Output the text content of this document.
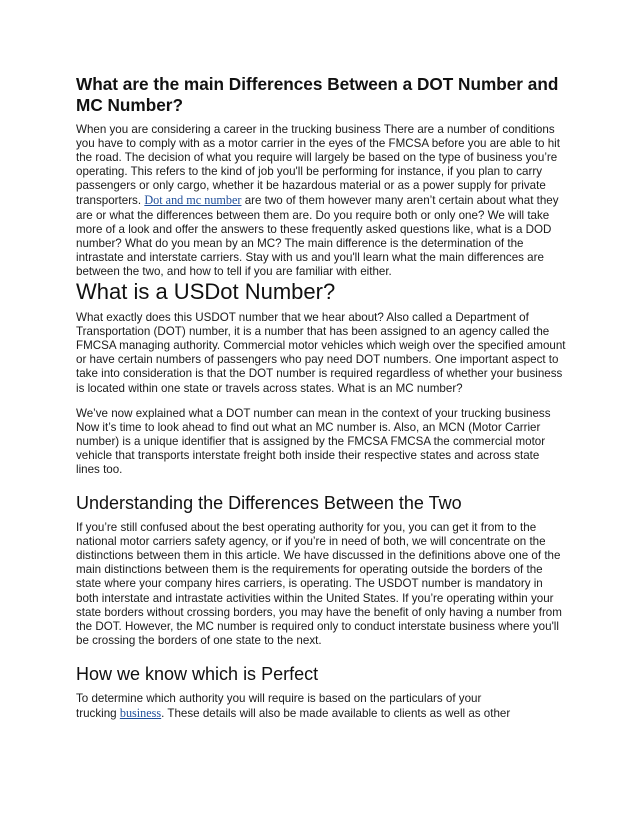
What are the main Differences Between a DOT Number and MC Number?

When you are considering a career in the trucking business There are a number of conditions you have to comply with as a motor carrier in the eyes of the FMCSA before you are able to hit the road. The decision of what you require will largely be based on the type of business you’re operating. This refers to the kind of job you'll be performing for instance, if you plan to carry passengers or only cargo, whether it be hazardous material or as a power supply for private transporters. Dot and mc number are two of them however many aren’t certain about what they are or what the differences between them are. Do you require both or only one? We will take more of a look and offer the answers to these frequently asked questions like, what is a DOD number? What do you mean by an MC? The main difference is the determination of the intrastate and interstate carriers. Stay with us and you'll learn what the main differences are between the two, and how to tell if you are familiar with either.

What is a USDot Number?

What exactly does this USDOT number that we hear about? Also called a Department of Transportation (DOT) number, it is a number that has been assigned to an agency called the FMCSA managing authority. Commercial motor vehicles which weigh over the specified amount or have certain numbers of passengers who pay need DOT numbers. One important aspect to take into consideration is that the DOT number is required regardless of whether your business is located within one state or travels across states. What is an MC number?

We’ve now explained what a DOT number can mean in the context of your trucking business Now it’s time to look ahead to find out what an MC number is. Also, an MCN (Motor Carrier number) is a unique identifier that is assigned by the FMCSA FMCSA the commercial motor vehicle that transports interstate freight both inside their respective states and across state lines too.

Understanding the Differences Between the Two

If you’re still confused about the best operating authority for you, you can get it from to the national motor carriers safety agency, or if you’re in need of both, we will concentrate on the distinctions between them in this article. We have discussed in the definitions above one of the main distinctions between them is the requirements for operating outside the borders of the state where your company hires carriers, is operating. The USDOT number is mandatory in both interstate and intrastate activities within the United States. If you’re operating within your state borders without crossing borders, you may have the benefit of only having a number from the DOT. However, the MC number is required only to conduct interstate business where you'll be crossing the borders of one state to the next.

How we know which is Perfect

To determine which authority you will require is based on the particulars of your
trucking business. These details will also be made available to clients as well as other
